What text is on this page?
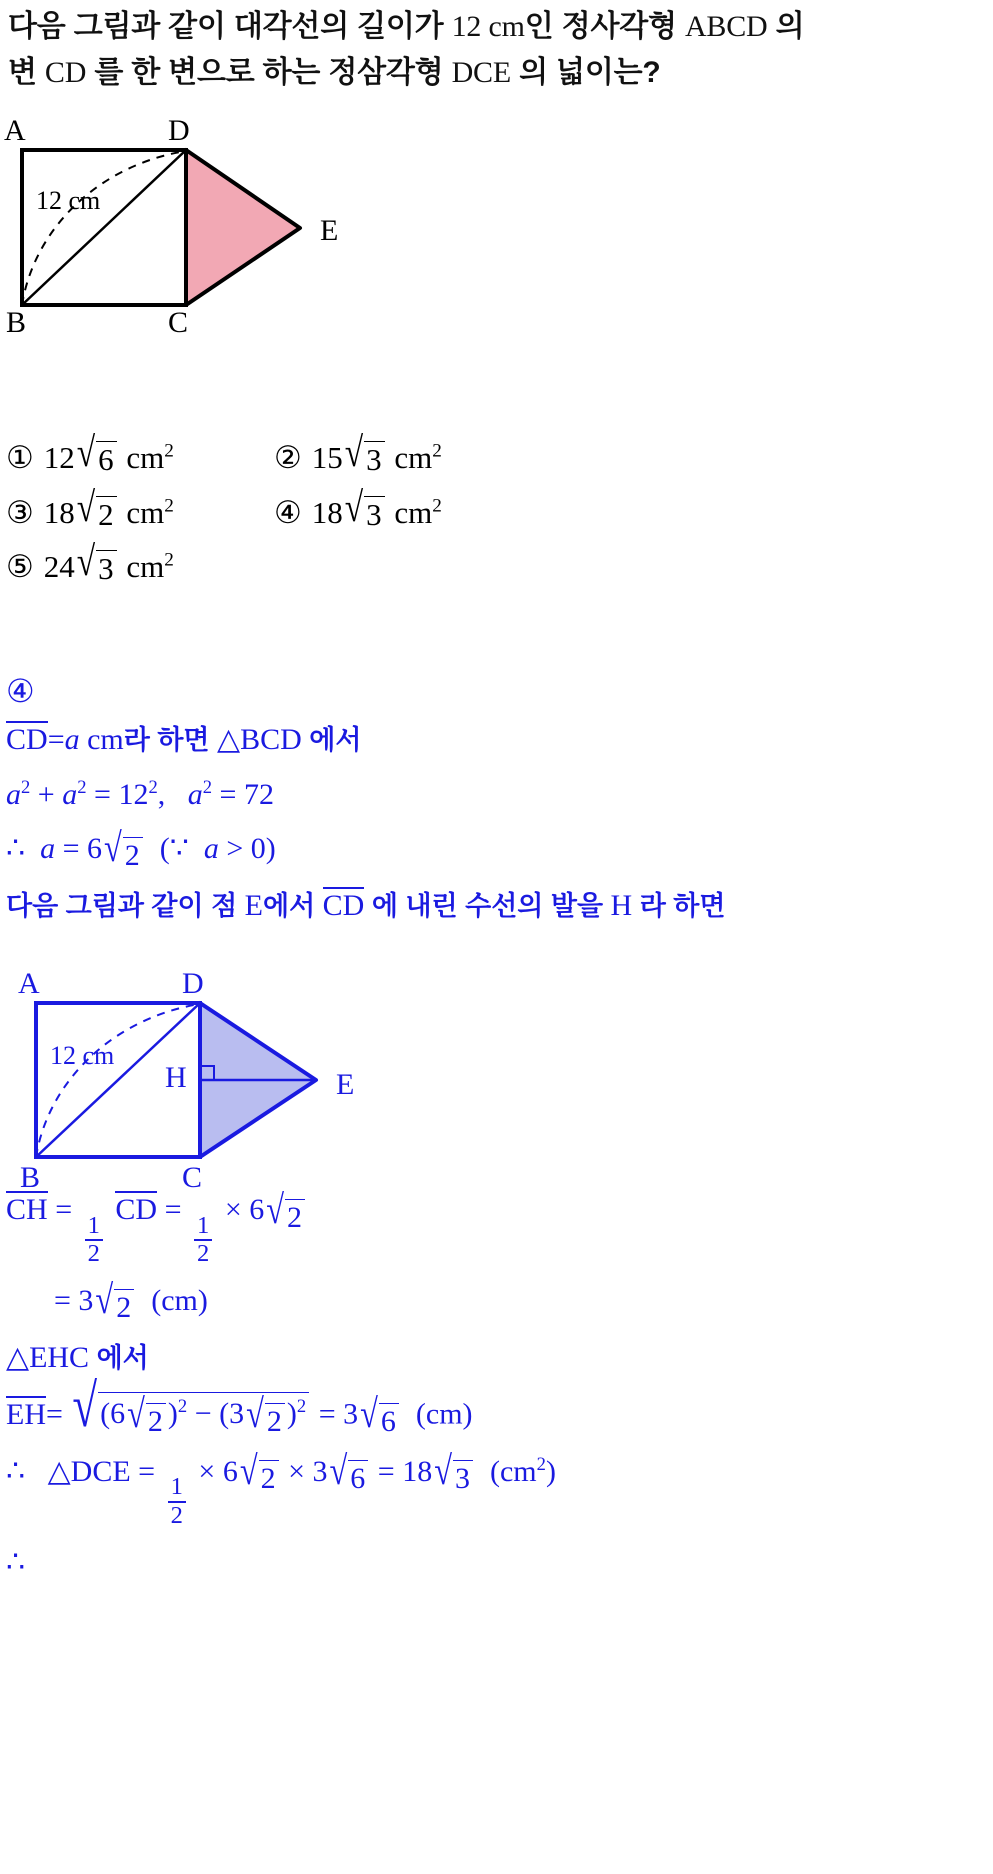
다음 그림과 같이 대각선의 길이가 12 cm인 정사각형 ABCD 의
변 CD 를 한 변으로 하는 정삼각형 DCE 의 넓이는?
A	D
E
B	C
12 cm
① 12 √ 6 $cm^2$	② 15 √ 3 $cm^2$
③ 18 √ 2 $cm^2$	④ 18 √ 3 $cm^2$
⑤ 24 √ 3 $cm^2$
④
CD=a cm라 하면 △BCD 에서
$a^2 + a^2 = 12^2$, $a^2 = 72$
∴ a = 6 √ 2 (∵ a > 0)
다음 그림과 같이 점 E에서 CD 에 내린 수선의 발을 H 라 하면
CH =
$\frac{1}{2}$
CD =
$\frac{1}{2}$
× 6 √ 2
= 3 √ 2 (cm)
△EHC 에서
EH= √ (6 √ 2 )$^2$ − (3 √ 2 )$^2$ = 3 √ 6 (cm)
∴ △DCE =
$\frac{1}{2}$
× 6 √ 2 × 3 √ 6 = 18 √ 3 $(cm^2)$
∴
A	D
E
B	C
H
12 cm
